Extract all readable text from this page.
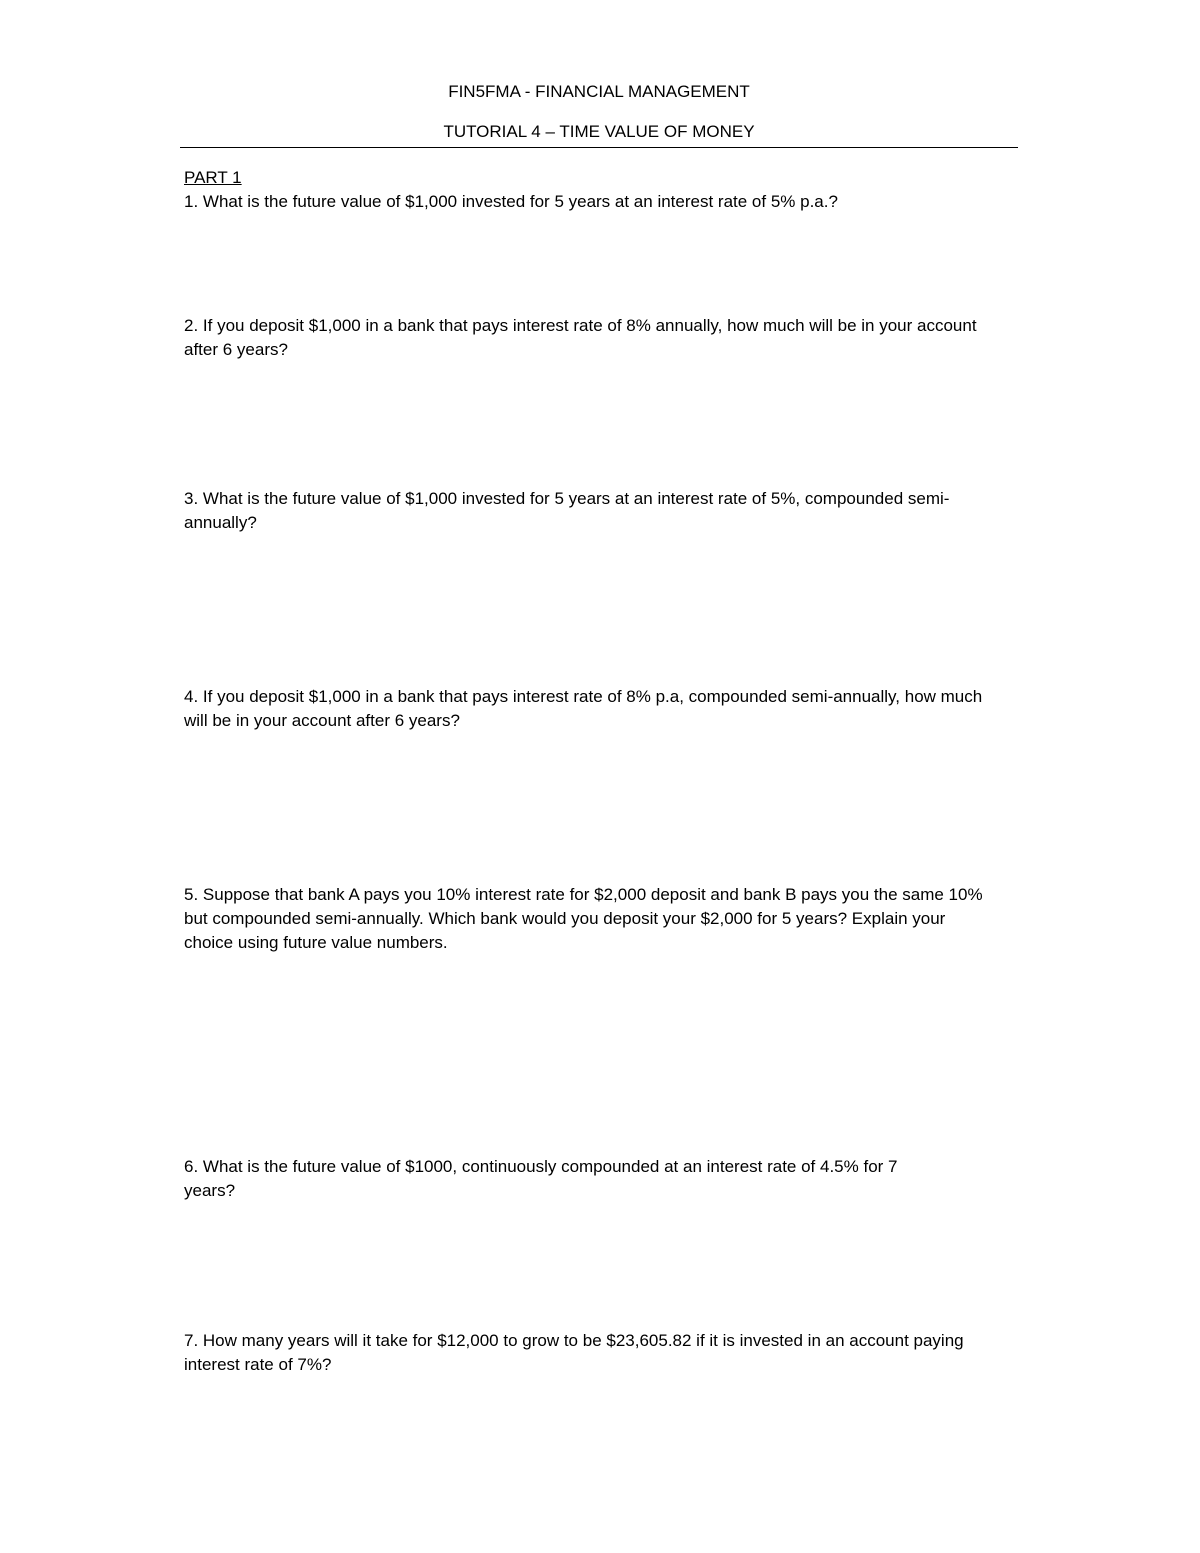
FIN5FMA - FINANCIAL MANAGEMENT
TUTORIAL 4 – TIME VALUE OF MONEY
PART 1

1. What is the future value of $1,000 invested for 5 years at an interest rate of 5% p.a.?

2. If you deposit $1,000 in a bank that pays interest rate of 8% annually, how much will be in your account after 6 years?

3. What is the future value of $1,000 invested for 5 years at an interest rate of 5%, compounded semi-annually?

4. If you deposit $1,000 in a bank that pays interest rate of 8% p.a, compounded semi-annually, how much will be in your account after 6 years?

5. Suppose that bank A pays you 10% interest rate for $2,000 deposit and bank B pays you the same 10% but compounded semi-annually. Which bank would you deposit your $2,000 for 5 years? Explain your choice using future value numbers.

6. What is the future value of $1000, continuously compounded at an interest rate of 4.5% for 7 years?

7. How many years will it take for $12,000 to grow to be $23,605.82 if it is invested in an account paying interest rate of 7%?
